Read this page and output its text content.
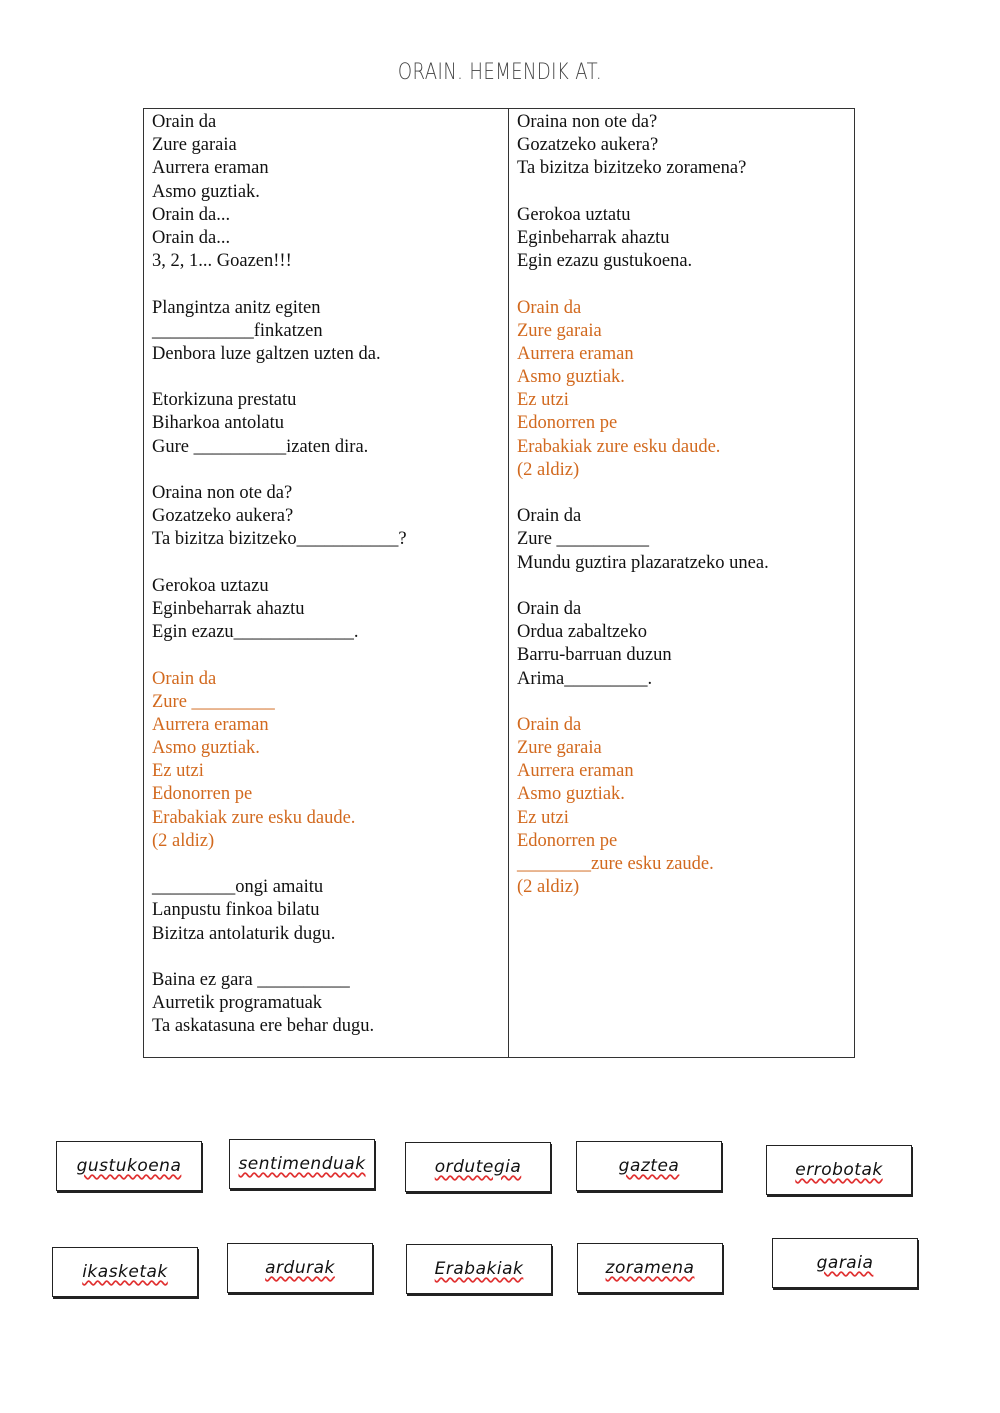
ORAIN. HEMENDIK AT.
Orain da
Zure garaia
Aurrera eraman
Asmo guztiak.
Orain da...
Orain da...
3, 2, 1... Goazen!!!
Plangintza anitz egiten
___________finkatzen
Denbora luze galtzen uzten da.
Etorkizuna prestatu
Biharkoa antolatu
Gure __________izaten dira.
Oraina non ote da?
Gozatzeko aukera?
Ta bizitza bizitzeko___________?
Gerokoa uztazu
Eginbeharrak ahaztu
Egin ezazu_____________.
Orain da
Zure _________
Aurrera eraman
Asmo guztiak.
Ez utzi
Edonorren pe
Erabakiak zure esku daude.
(2 aldiz)
_________ongi amaitu
Lanpustu finkoa bilatu
Bizitza antolaturik dugu.
Baina ez gara __________
Aurretik programatuak
Ta askatasuna ere behar dugu.
Oraina non ote da?
Gozatzeko aukera?
Ta bizitza bizitzeko zoramena?
Gerokoa uztatu
Eginbeharrak ahaztu
Egin ezazu gustukoena.
Orain da
Zure garaia
Aurrera eraman
Asmo guztiak.
Ez utzi
Edonorren pe
Erabakiak zure esku daude.
(2 aldiz)
Orain da
Zure __________
Mundu guztira plazaratzeko unea.
Orain da
Ordua zabaltzeko
Barru-barruan duzun
Arima_________.
Orain da
Zure garaia
Aurrera eraman
Asmo guztiak.
Ez utzi
Edonorren pe
________zure esku zaude.
(2 aldiz)
gustukoena	sentimenduak	ordutegia	gaztea	errobotak
ikasketak	ardurak	Erabakiak	zoramena	garaia
